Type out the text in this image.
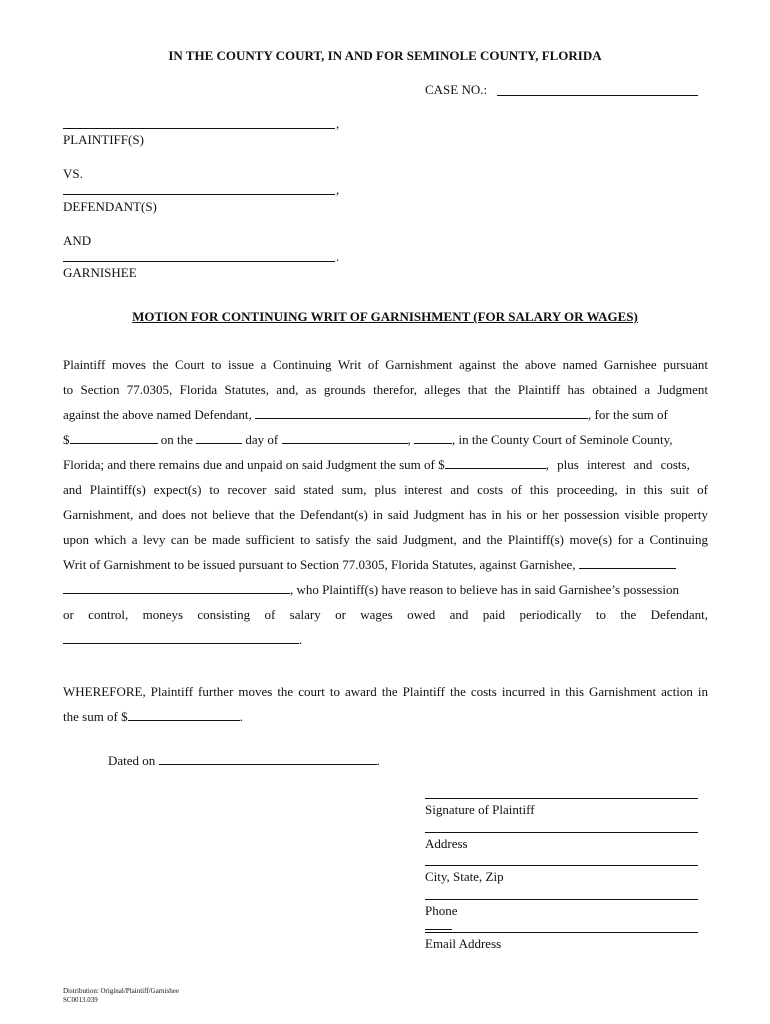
IN THE COUNTY COURT, IN AND FOR SEMINOLE COUNTY, FLORIDA
CASE NO.:
,
PLAINTIFF(S)
VS.
,
DEFENDANT(S)
AND
.
GARNISHEE
MOTION FOR CONTINUING WRIT OF GARNISHMENT (FOR SALARY OR WAGES)
Plaintiff moves the Court to issue a Continuing Writ of Garnishment against the above named Garnishee pursuant
to Section 77.0305, Florida Statutes, and, as grounds therefor, alleges that the Plaintiff has obtained a Judgment
against the above named Defendant,	, for the sum of
$	on the	day of	,	, in the County Court of Seminole County,
Florida; and there remains due and unpaid on said Judgment the sum of $	, plus interest and costs,
and Plaintiff(s) expect(s) to recover said stated sum, plus interest and costs of this proceeding, in this suit of
Garnishment, and does not believe that the Defendant(s) in said Judgment has in his or her possession visible property
upon which a levy can be made sufficient to satisfy the said Judgment, and the Plaintiff(s) move(s) for a Continuing
Writ of Garnishment to be issued pursuant to Section 77.0305, Florida Statutes, against Garnishee,
, who Plaintiff(s) have reason to believe has in said Garnishee’s possession
or control, moneys consisting of salary or wages owed and paid periodically to the Defendant,
.
WHEREFORE, Plaintiff further moves the court to award the Plaintiff the costs incurred in this Garnishment action in
the sum of $	.
Dated on	.
Signature of Plaintiff
Address
City, State, Zip
Phone
Email Address
Distribution: Original/Plaintiff/Garnishee
SC0013.039
